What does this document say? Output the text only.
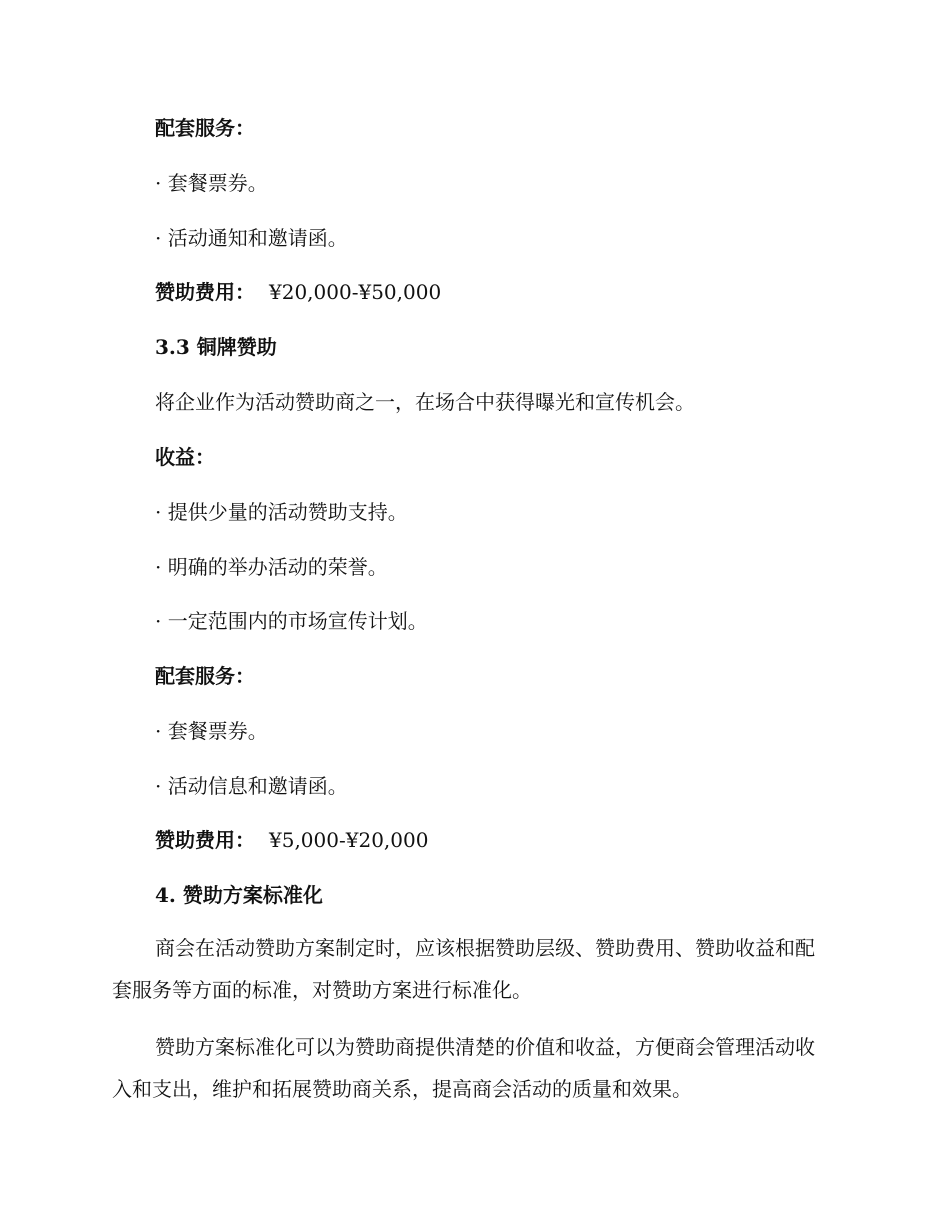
配套服务：
· 套餐票券。
· 活动通知和邀请函。
赞助费用： ¥20,000-¥50,000
3.3 铜牌赞助
将企业作为活动赞助商之一，在场合中获得曝光和宣传机会。
收益：
· 提供少量的活动赞助支持。
· 明确的举办活动的荣誉。
· 一定范围内的市场宣传计划。
配套服务：
· 套餐票券。
· 活动信息和邀请函。
赞助费用： ¥5,000-¥20,000
4. 赞助方案标准化
商会在活动赞助方案制定时，应该根据赞助层级、赞助费用、赞助收益和配套服务等方面的标准，对赞助方案进行标准化。
赞助方案标准化可以为赞助商提供清楚的价值和收益，方便商会管理活动收入和支出，维护和拓展赞助商关系，提高商会活动的质量和效果。
